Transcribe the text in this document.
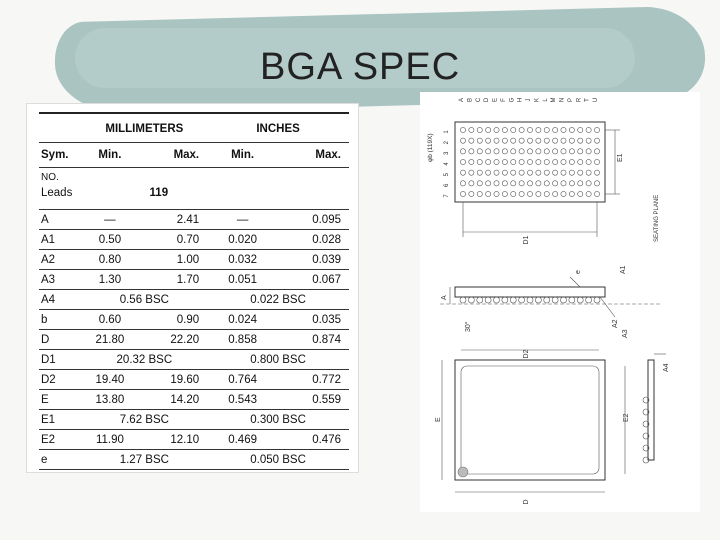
BGA SPEC
	MILLIMETERS		INCHES	
Sym.	Min.	Max.	Min.	Max.
NO.				
Leads	119			
A	—	2.41	—	0.095
A1	0.50	0.70	0.020	0.028
A2	0.80	1.00	0.032	0.039
A3	1.30	1.70	0.051	0.067
A4	0.56 BSC		0.022 BSC	
b	0.60	0.90	0.024	0.035
D	21.80	22.20	0.858	0.874
D1	20.32 BSC		0.800 BSC	
D2	19.40	19.60	0.764	0.772
E	13.80	14.20	0.543	0.559
E1	7.62 BSC		0.300 BSC	
E2	11.90	12.10	0.469	0.476
e	1.27 BSC		0.050 BSC	
A B C D E F G H J K L M N P R T U
1
2
3
4
5
6
7
φb (119X)	E1
D1	SEATING PLANE
e	A1
A
30°	A2
A3
D2
E2
E
D
A4
